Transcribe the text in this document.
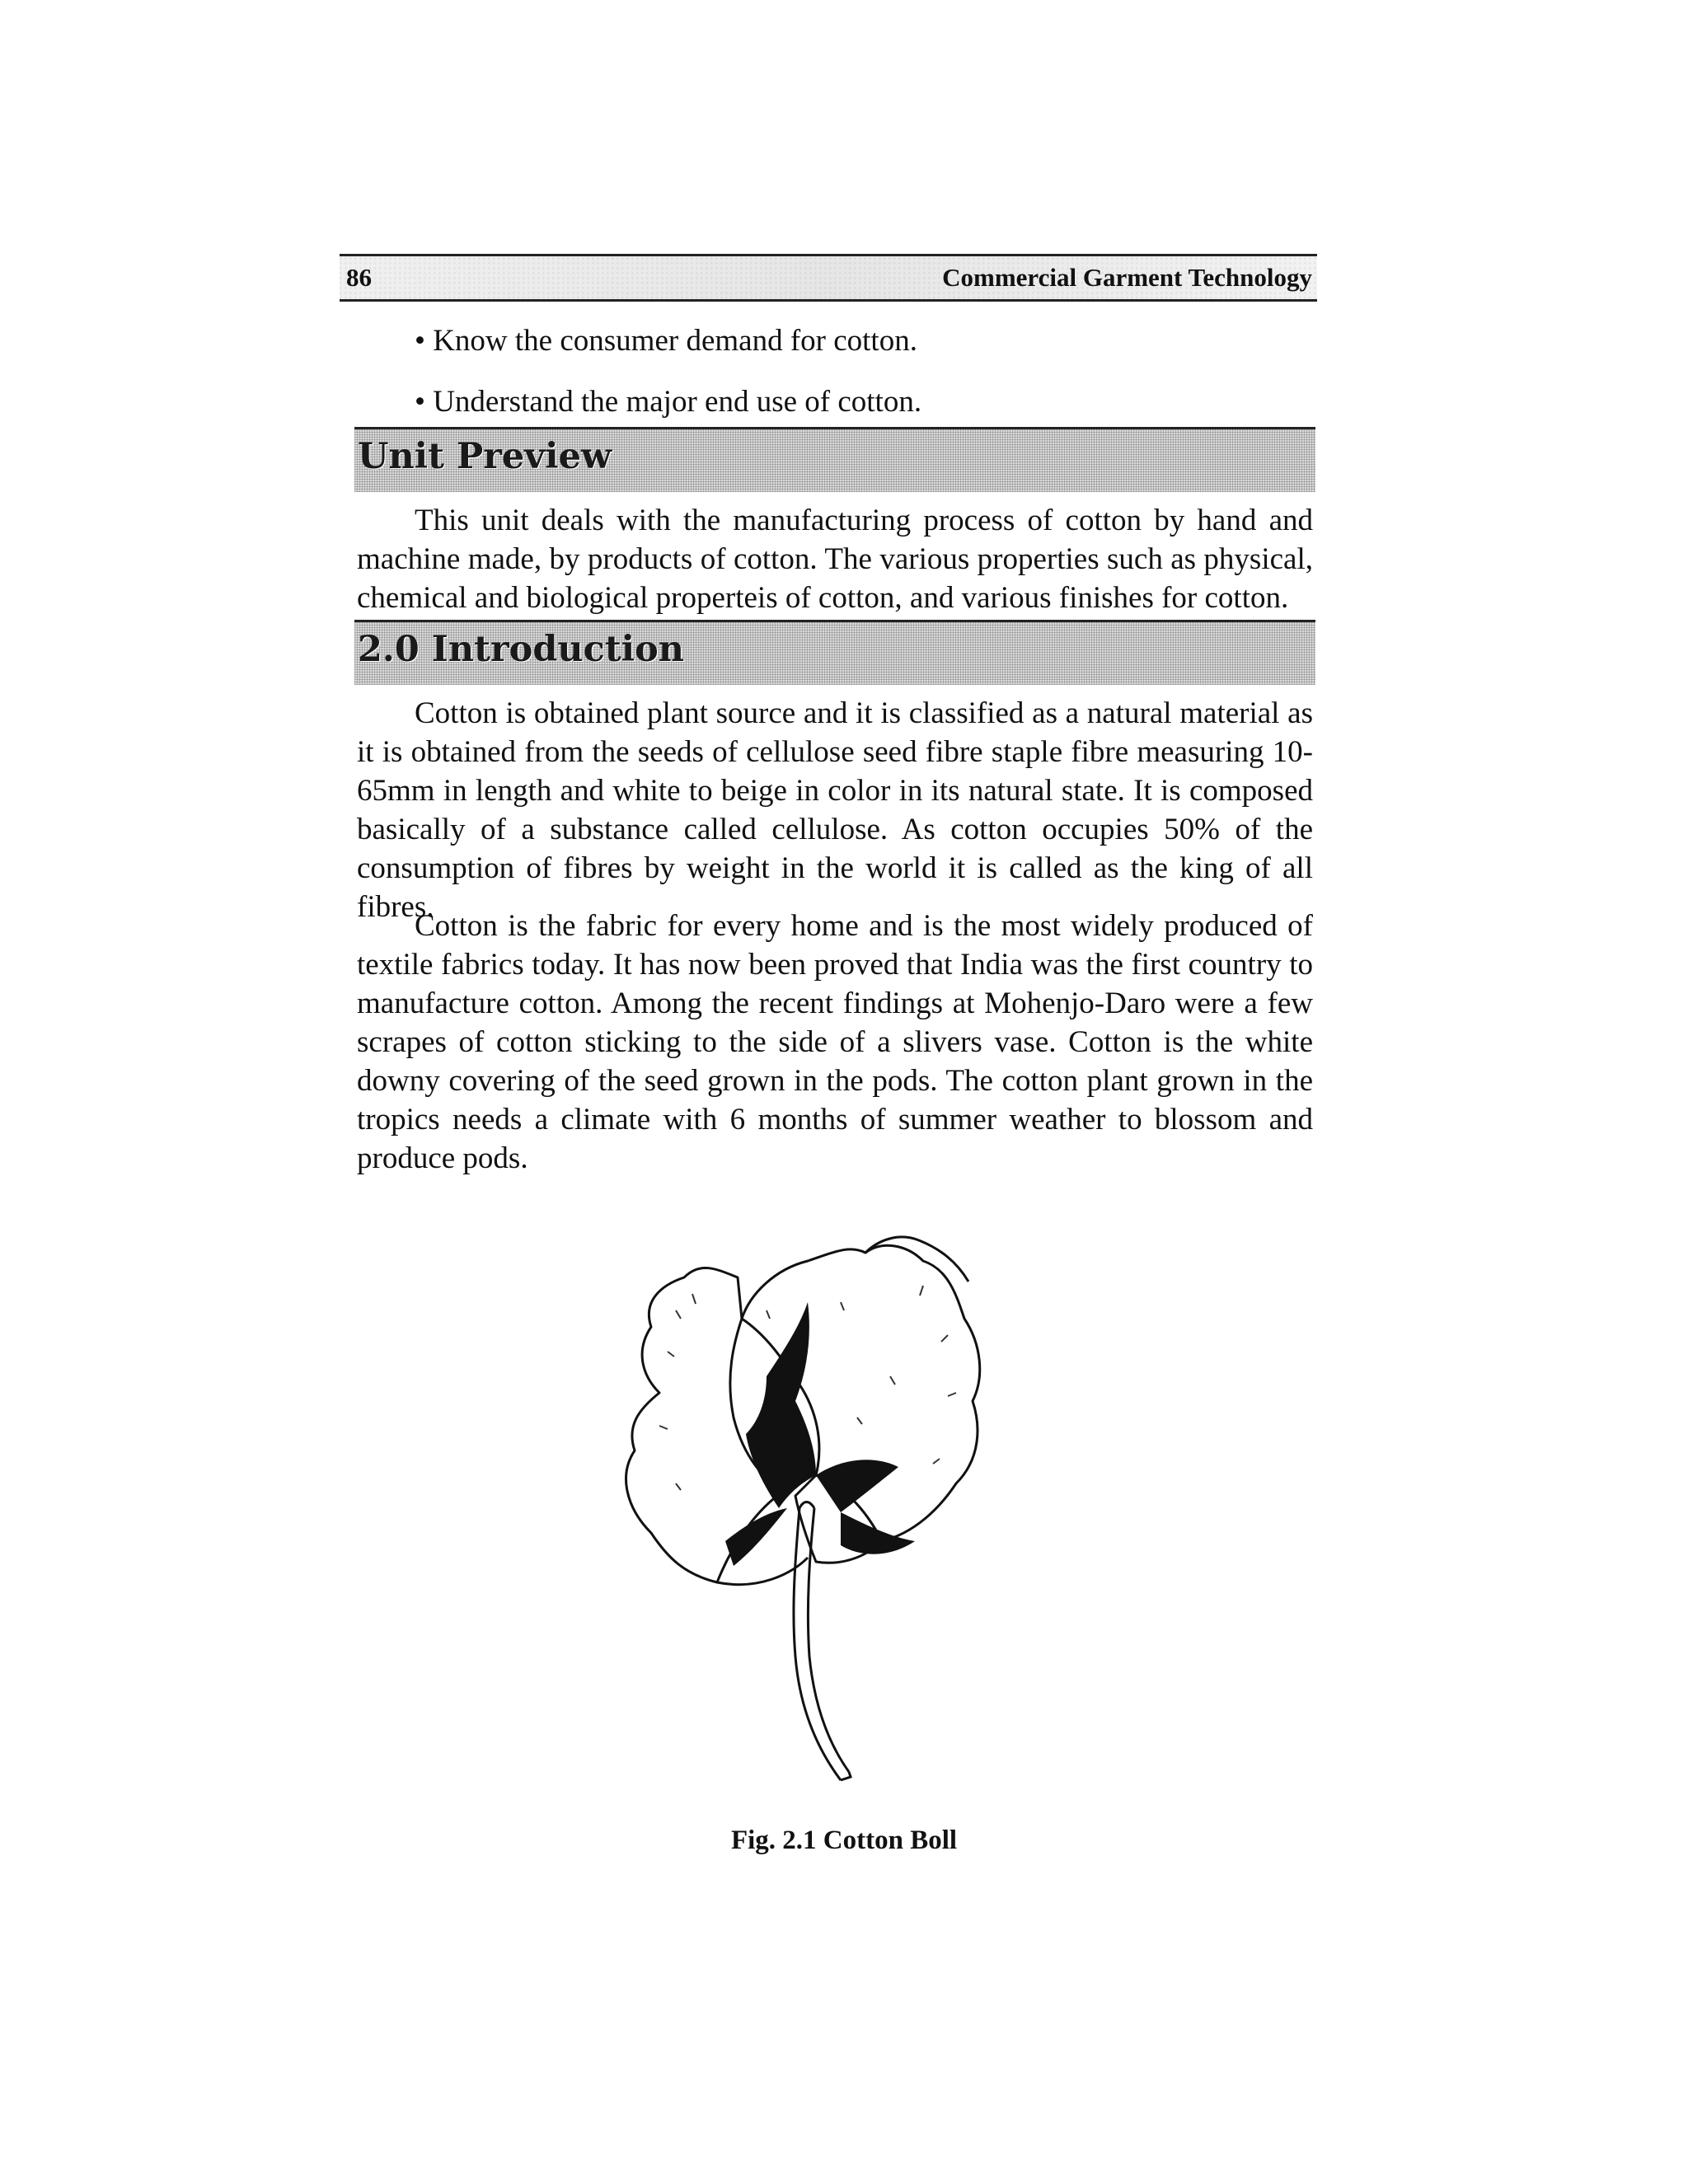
86	Commercial Garment Technology
• Know the consumer demand for cotton.
• Understand the major end use of cotton.
Unit Preview

This unit deals with the manufacturing process of cotton by hand and machine made, by products of cotton. The various properties such as physical, chemical and biological properteis of cotton, and various finishes for cotton.

2.0 Introduction

Cotton is obtained plant source and it is classified as a natural material as it is obtained from the seeds of cellulose seed fibre staple fibre measuring 10-65mm in length and white to beige in color in its natural state. It is composed basically of a substance called cellulose. As cotton occupies 50% of the consumption of fibres by weight in the world it is called as the king of all fibres.

Cotton is the fabric for every home and is the most widely produced of textile fabrics today. It has now been proved that India was the first country to manufacture cotton. Among the recent findings at Mohenjo-Daro were a few scrapes of cotton sticking to the side of a slivers vase. Cotton is the white downy covering of the seed grown in the pods. The cotton plant grown in the tropics needs a climate with 6 months of summer weather to blossom and produce pods.

Fig. 2.1 Cotton Boll
